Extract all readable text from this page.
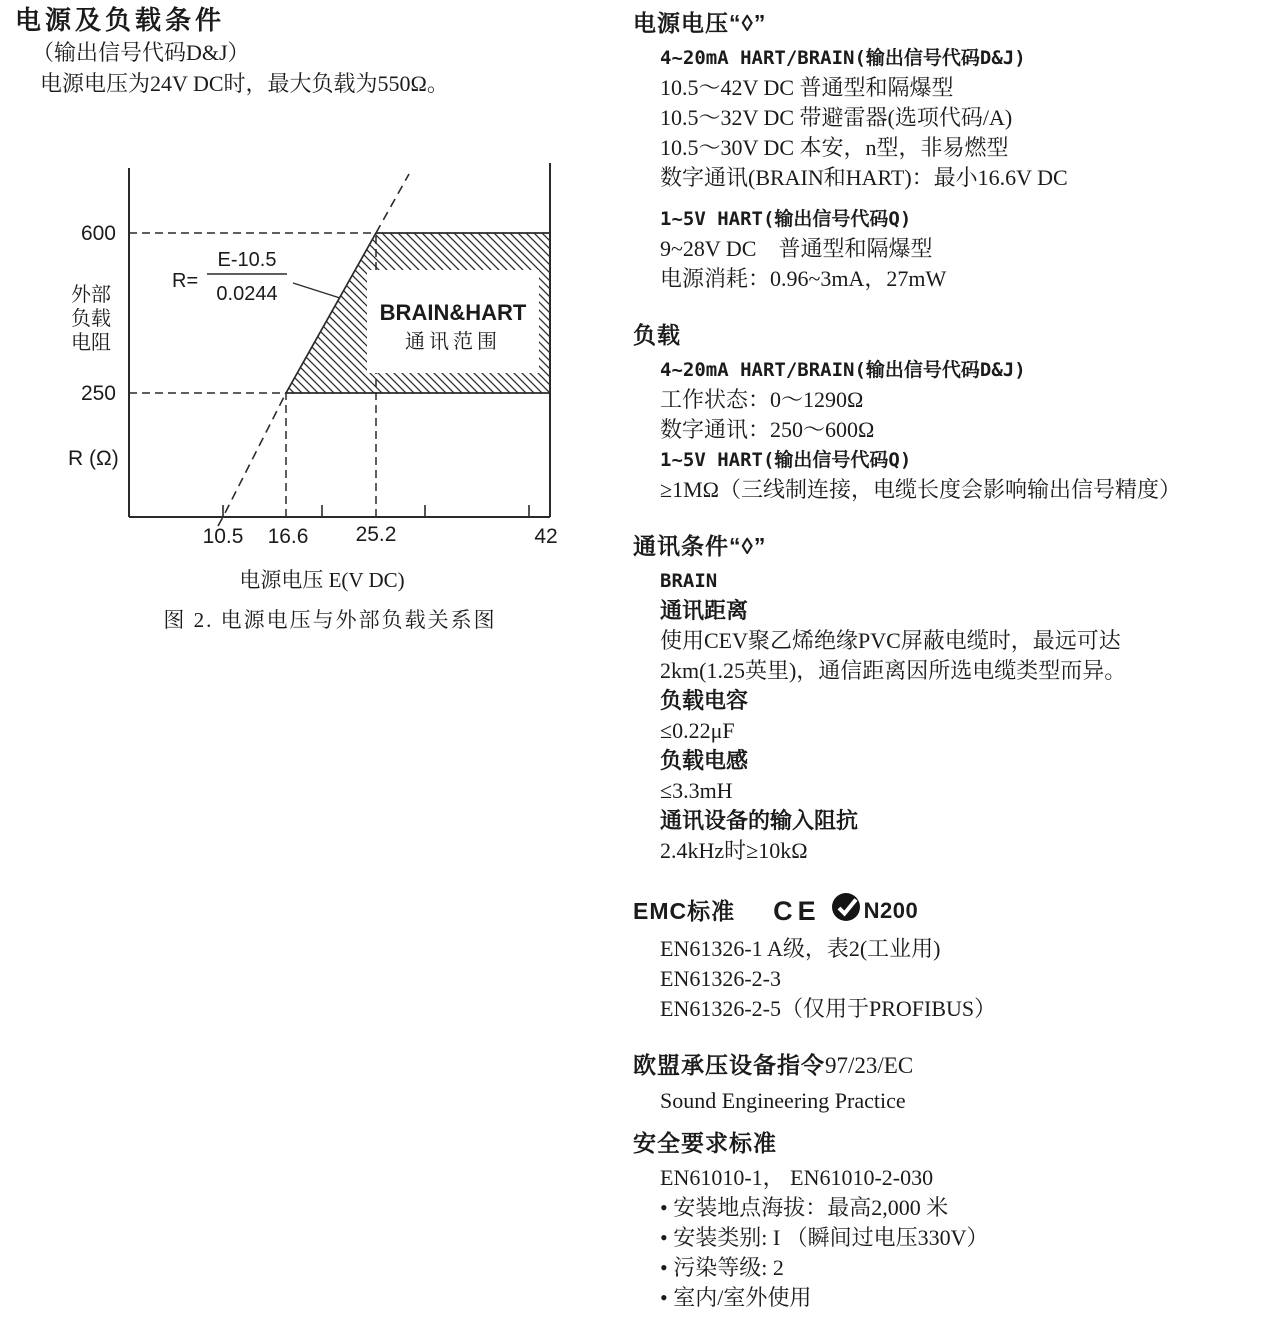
电源及负载条件
（输出信号代码D&J）
电源电压为24V DC时，最大负载为550Ω。
BRAIN&HART
通讯范围
600
250
外部
负载
电阻
R (Ω)
10.5 16.6 25.2	42
R=
E-10.5
0.0244
电源电压 E(V DC)
图 2. 电源电压与外部负载关系图
电源电压“◊”
4~20mA HART/BRAIN(输出信号代码D&J)
10.5～42V DC 普通型和隔爆型
10.5～32V DC 带避雷器(选项代码/A)
10.5～30V DC 本安，n型，非易燃型
数字通讯(BRAIN和HART)：最小16.6V DC
1~5V HART(输出信号代码Q)
9~28V DC　普通型和隔爆型
电源消耗：0.96~3mA，27mW
负载
4~20mA HART/BRAIN(输出信号代码D&J)
工作状态：0～1290Ω
数字通讯：250～600Ω
1~5V HART(输出信号代码Q)
≥1MΩ（三线制连接，电缆长度会影响输出信号精度）
通讯条件“◊”
BRAIN
通讯距离
使用CEV聚乙烯绝缘PVC屏蔽电缆时，最远可达
2km(1.25英里)，通信距离因所选电缆类型而异。
负载电容
≤0.22μF
负载电感
≤3.3mH
通讯设备的输入阻抗
2.4kHz时≥10kΩ
EMC标准 CE N200
EN61326-1 A级，表2(工业用)
EN61326-2-3
EN61326-2-5（仅用于PROFIBUS）
欧盟承压设备指令97/23/EC
Sound Engineering Practice
安全要求标准
EN61010-1， EN61010-2-030
• 安装地点海拔：最高2,000 米
• 安装类别: I （瞬间过电压330V）
• 污染等级: 2
• 室内/室外使用
